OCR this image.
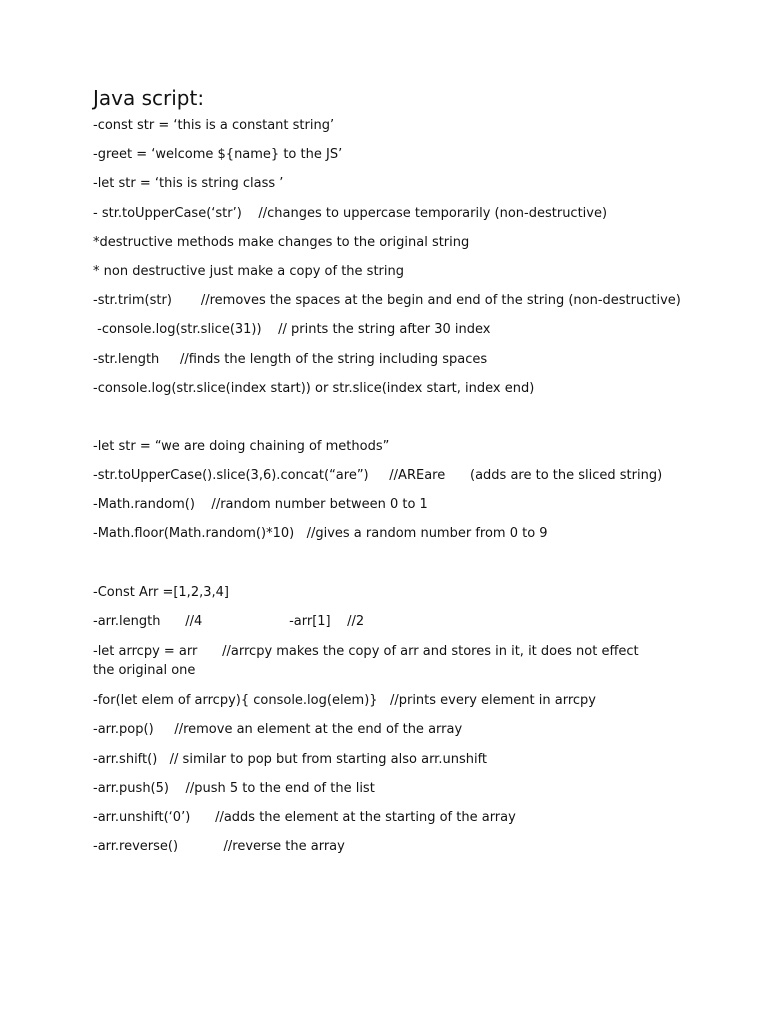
Java script:
-const str = ‘this is a constant string’
-greet = ‘welcome ${name} to the JS’
-let str = ‘this is string class ’
- str.toUpperCase(‘str’)    //changes to uppercase temporarily (non-destructive)
*destructive methods make changes to the original string
* non destructive just make a copy of the string
-str.trim(str)       //removes the spaces at the begin and end of the string (non-destructive)
-console.log(str.slice(31))    // prints the string after 30 index
-str.length     //finds the length of the string including spaces
-console.log(str.slice(index start)) or str.slice(index start, index end)
-let str = “we are doing chaining of methods”
-str.toUpperCase().slice(3,6).concat(“are”)     //AREare      (adds are to the sliced string)
-Math.random()    //random number between 0 to 1
-Math.floor(Math.random()*10)   //gives a random number from 0 to 9
-Const Arr =[1,2,3,4]
-arr.length      //4                     -arr[1]    //2
-let arrcpy = arr      //arrcpy makes the copy of arr and stores in it, it does not effect the original one
-for(let elem of arrcpy){ console.log(elem)}   //prints every element in arrcpy
-arr.pop()     //remove an element at the end of the array
-arr.shift()   // similar to pop but from starting also arr.unshift
-arr.push(5)    //push 5 to the end of the list
-arr.unshift(‘0’)      //adds the element at the starting of the array
-arr.reverse()           //reverse the array
